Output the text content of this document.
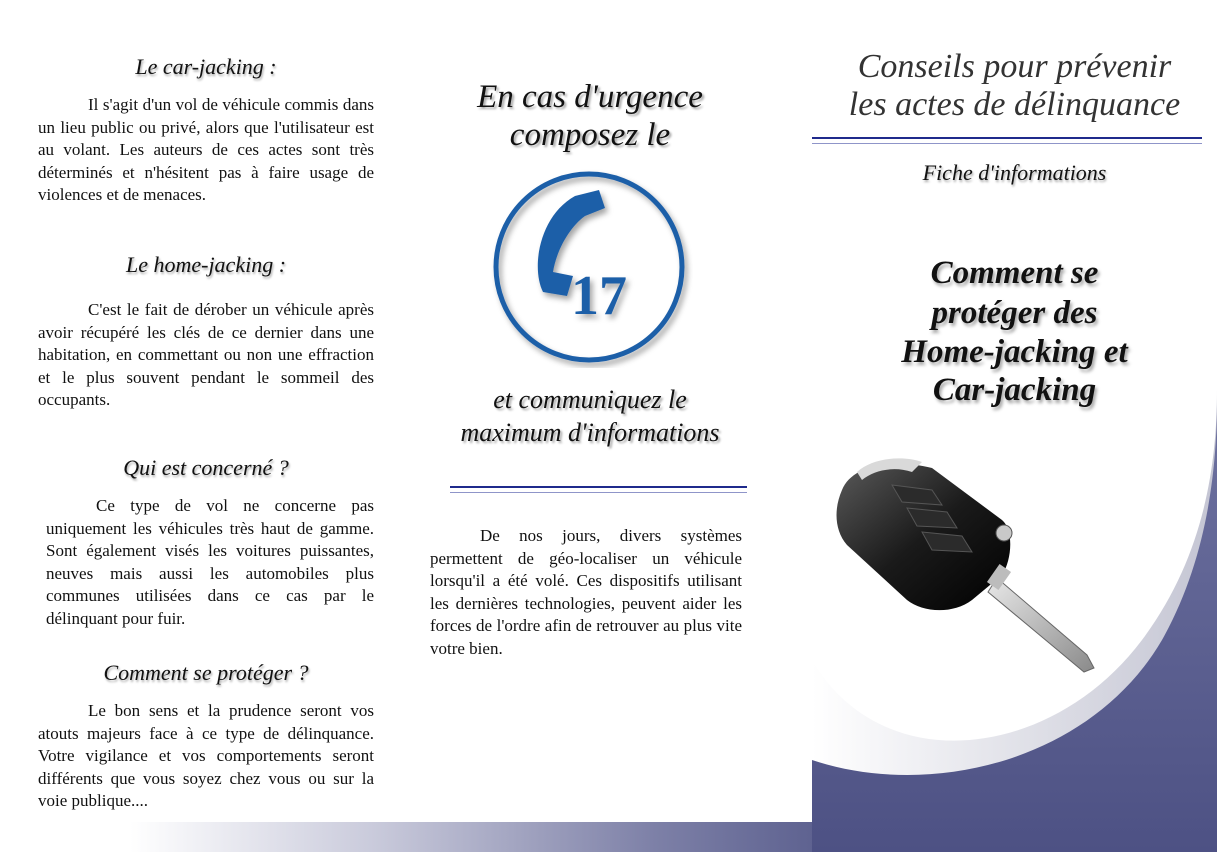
Le car-jacking :

Il s'agit d'un vol de véhicule commis dans un lieu public ou privé, alors que l'utilisateur est au volant. Les auteurs de ces actes sont très déterminés et n'hésitent pas à faire usage de violences et de menaces.

Le home-jacking :

C'est le fait de dérober un véhicule après avoir récupéré les clés de ce dernier dans une habitation, en commettant ou non une effraction et le plus souvent pendant le sommeil des occupants.

Qui est concerné ?

Ce type de vol ne concerne pas uniquement les véhicules très haut de gamme. Sont également visés les voitures puissantes, neuves mais aussi les automobiles plus communes utilisées dans ce cas par le délinquant pour fuir.

Comment se protéger ?

Le bon sens et la prudence seront vos atouts majeurs face à ce type de délinquance. Votre vigilance et vos comportements seront différents que vous soyez chez vous ou sur la voie publique....

En cas d'urgence
composez le
17
et communiquez le
maximum d'informations

De nos jours, divers systèmes permettent de géo-localiser un véhicule lorsqu'il a été volé. Ces dispositifs utilisant les dernières technologies, peuvent aider les forces de l'ordre afin de retrouver au plus vite votre bien.

Conseils pour prévenir
les actes de délinquance
Fiche d'informations
Comment se
protéger des
Home-jacking et
Car-jacking
